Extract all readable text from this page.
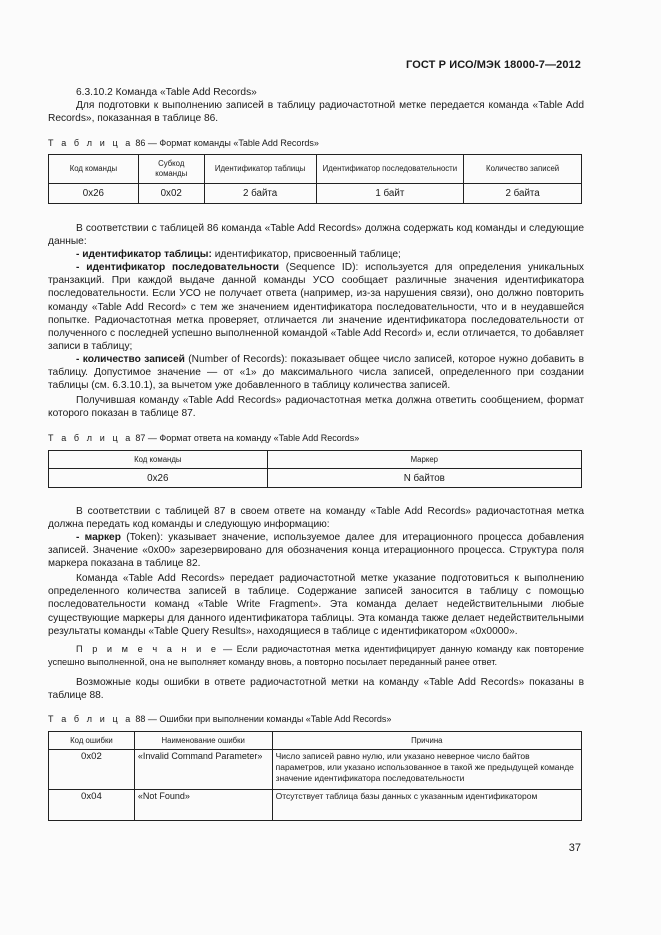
ГОСТ Р ИСО/МЭК 18000-7—2012
6.3.10.2 Команда «Table Add Records»
Для подготовки к выполнению записей в таблицу радиочастотной метке передается команда «Table Add Records», показанная в таблице 86.
Т а б л и ц а 86 — Формат команды «Table Add Records»
Код команды	Субкод команды	Идентификатор таблицы	Идентификатор последовательности	Количество записей
0x26	0x02	2 байта	1 байт	2 байта
В соответствии с таблицей 86 команда «Table Add Records» должна содержать код команды и следующие данные:
- идентификатор таблицы: идентификатор, присвоенный таблице;
- идентификатор последовательности (Sequence ID): используется для определения уникальных транзакций. При каждой выдаче данной команды УСО сообщает различные значения идентификатора последовательности. Если УСО не получает ответа (например, из-за нарушения связи), оно должно повторить команду «Table Add Record» с тем же значением идентификатора последовательности, что и в неудавшейся попытке. Радиочастотная метка проверяет, отличается ли значение идентификатора последовательности от полученного с последней успешно выполненной командой «Table Add Record» и, если отличается, то добавляет записи в таблицу;
- количество записей (Number of Records): показывает общее число записей, которое нужно добавить в таблицу. Допустимое значение — от «1» до максимального числа записей, определенного при создании таблицы (см. 6.3.10.1), за вычетом уже добавленного в таблицу количества записей.
Получившая команду «Table Add Records» радиочастотная метка должна ответить сообщением, формат которого показан в таблице 87.
Т а б л и ц а 87 — Формат ответа на команду «Table Add Records»
Код команды	Маркер
0x26	N байтов
В соответствии с таблицей 87 в своем ответе на команду «Table Add Records» радиочастотная метка должна передать код команды и следующую информацию:
- маркер (Token): указывает значение, используемое далее для итерационного процесса добавления записей. Значение «0x00» зарезервировано для обозначения конца итерационного процесса. Структура поля маркера показана в таблице 82.
Команда «Table Add Records» передает радиочастотной метке указание подготовиться к выполнению определенного количества записей в таблице. Содержание записей заносится в таблицу с помощью последовательности команд «Table Write Fragment». Эта команда делает недействительными любые существующие маркеры для данного идентификатора таблицы. Эта команда также делает недействительными результаты команды «Table Query Results», находящиеся в таблице с идентификатором «0x0000».
П р и м е ч а н и е — Если радиочастотная метка идентифицирует данную команду как повторение успешно выполненной, она не выполняет команду вновь, а повторно посылает переданный ранее ответ.
Возможные коды ошибки в ответе радиочастотной метки на команду «Table Add Records» показаны в таблице 88.
Т а б л и ц а 88 — Ошибки при выполнении команды «Table Add Records»
Код ошибки	Наименование ошибки	Причина
0x02	«Invalid Command Parameter»	Число записей равно нулю, или указано неверное число байтов параметров, или указано использованное в такой же предыдущей команде значение идентификатора последовательности
0x04	«Not Found»	Отсутствует таблица базы данных с указанным идентификатором
37
